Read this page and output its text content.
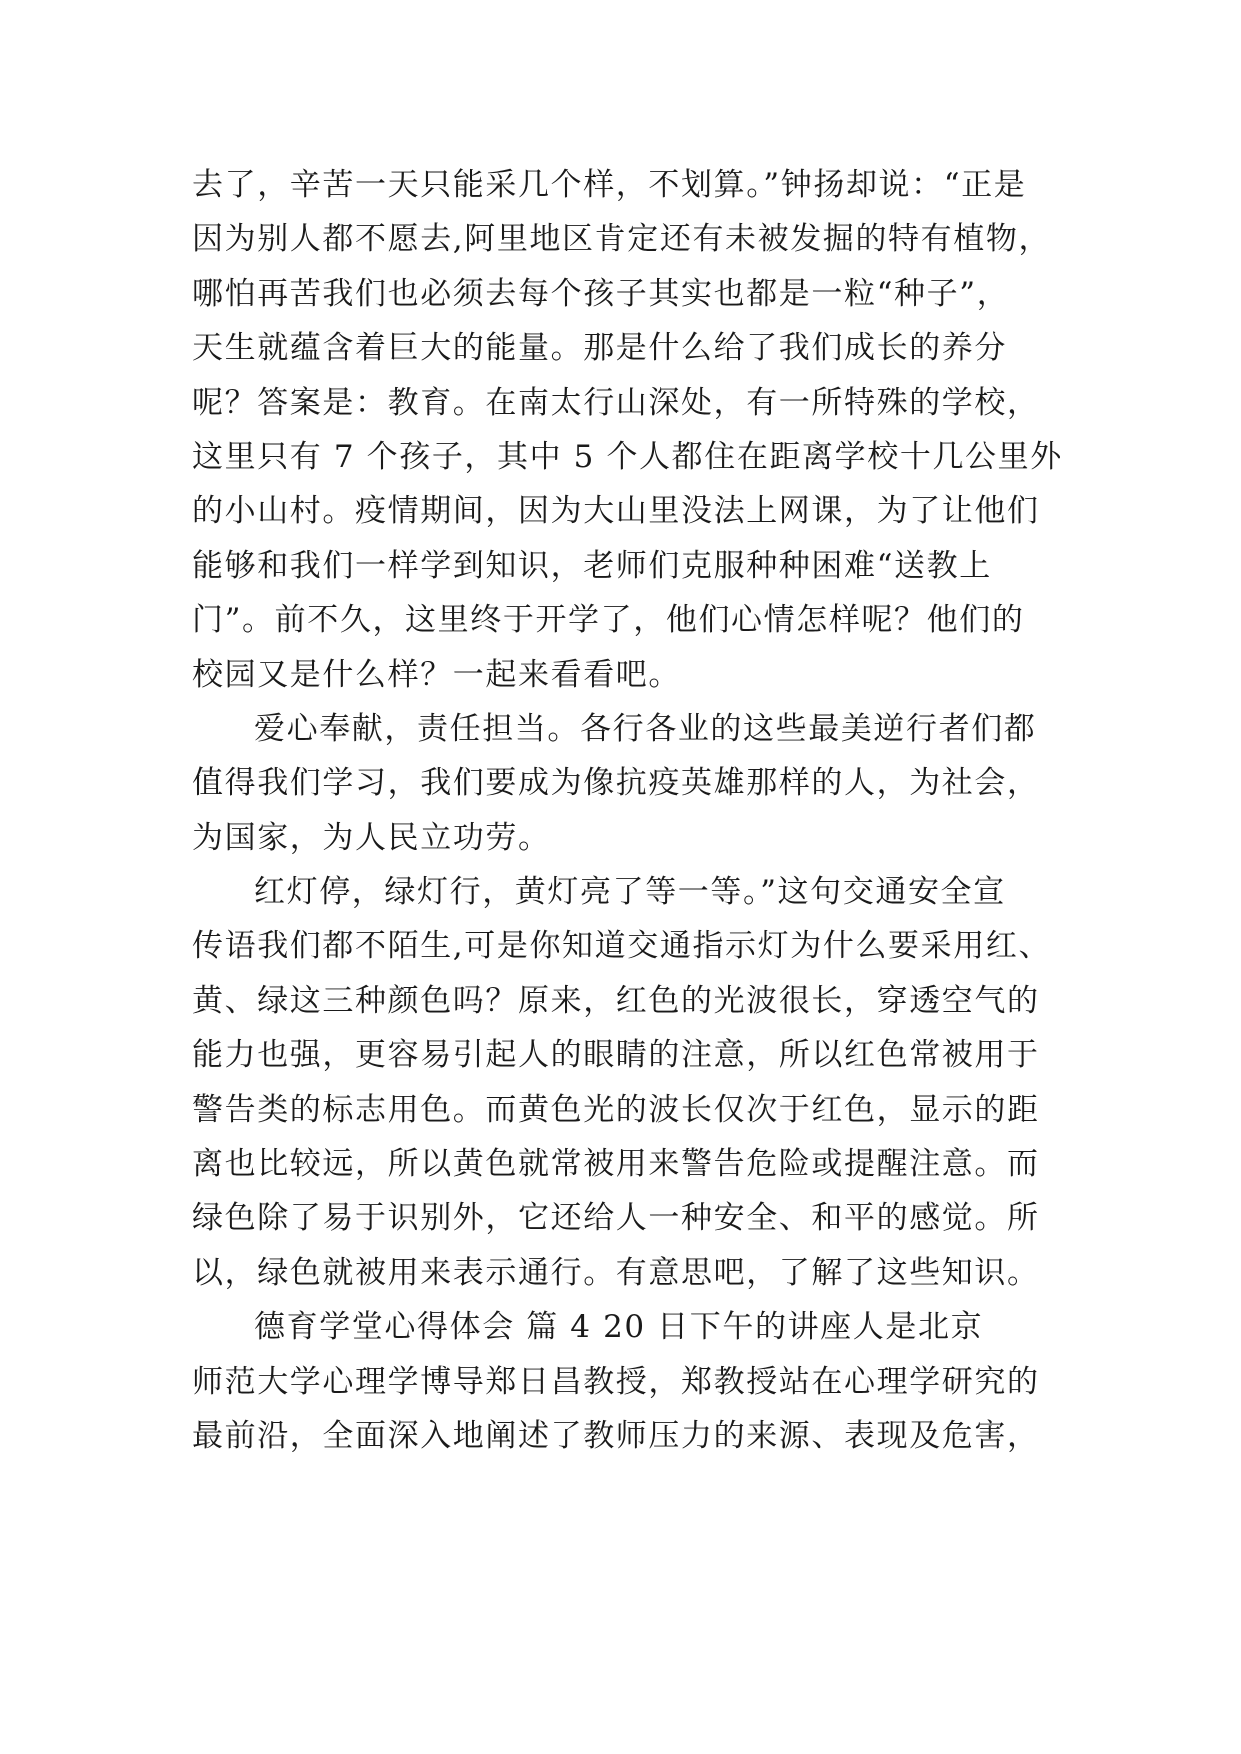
去了，辛苦一天只能采几个样，不划算。”钟扬却说：“正是
因为别人都不愿去,阿里地区肯定还有未被发掘的特有植物，
哪怕再苦我们也必须去每个孩子其实也都是一粒“种子”，
天生就蕴含着巨大的能量。那是什么给了我们成长的养分
呢？答案是：教育。在南太行山深处，有一所特殊的学校，
这里只有 7 个孩子，其中 5 个人都住在距离学校十几公里外
的小山村。疫情期间，因为大山里没法上网课，为了让他们
能够和我们一样学到知识，老师们克服种种困难“送教上
门”。前不久，这里终于开学了，他们心情怎样呢？他们的
校园又是什么样？一起来看看吧。
爱心奉献，责任担当。各行各业的这些最美逆行者们都
值得我们学习，我们要成为像抗疫英雄那样的人，为社会，
为国家，为人民立功劳。
红灯停，绿灯行，黄灯亮了等一等。”这句交通安全宣
传语我们都不陌生,可是你知道交通指示灯为什么要采用红、
黄、绿这三种颜色吗？原来，红色的光波很长，穿透空气的
能力也强，更容易引起人的眼睛的注意，所以红色常被用于
警告类的标志用色。而黄色光的波长仅次于红色，显示的距
离也比较远，所以黄色就常被用来警告危险或提醒注意。而
绿色除了易于识别外，它还给人一种安全、和平的感觉。所
以，绿色就被用来表示通行。有意思吧，了解了这些知识。
德育学堂心得体会 篇 4 20 日下午的讲座人是北京
师范大学心理学博导郑日昌教授，郑教授站在心理学研究的
最前沿，全面深入地阐述了教师压力的来源、表现及危害，
